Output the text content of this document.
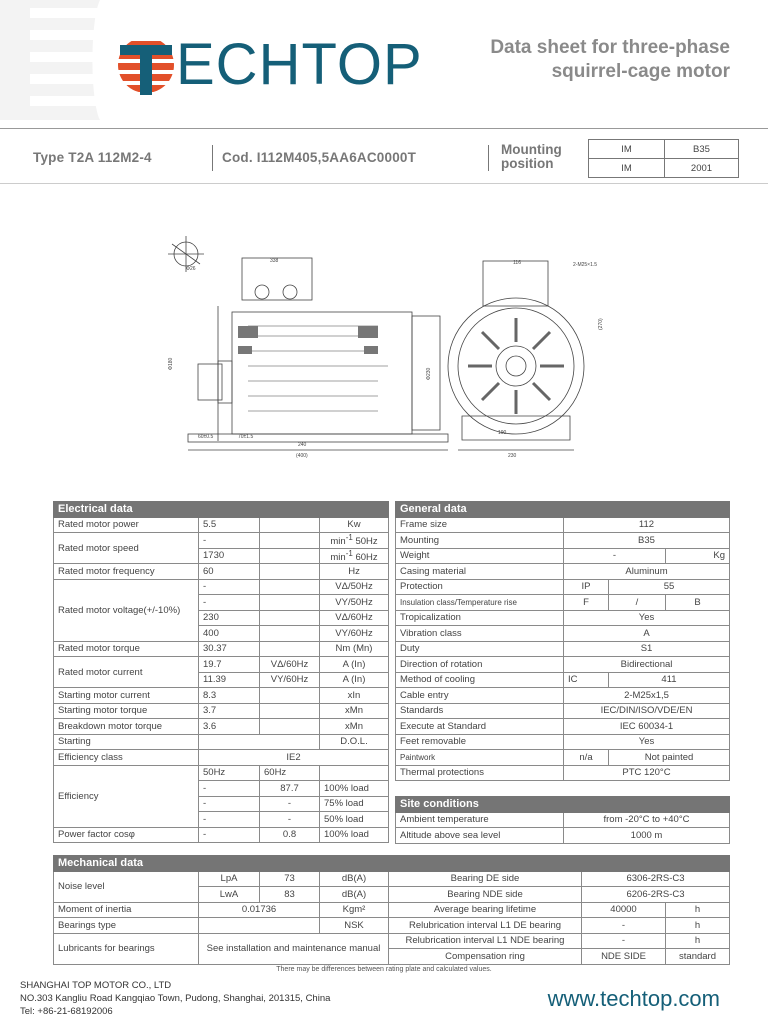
ECHTOP	Data sheet for three-phase
squirrel-cage motor
Type T2A 112M2-4	Cod. I112M405,5AA6AC0000T
Mounting
position
IM	B35
IM	2001
Φ26
338
60±0.5	70±1.5
240
(400)
Φ180
Φ230
116	2-M25×1.5
230
190
(270)
Electrical data			
Rated motor power	5.5		Kw
Rated motor speed	-		$\min^{-1} 50Hz$
	1730		$\min^{-1} 60Hz$
Rated motor frequency	60		Hz
Rated motor voltage(+/-10%)	-		VΔ/50Hz
	-		VY/50Hz
	230		VΔ/60Hz
	400		VY/60Hz
Rated motor torque	30.37		Nm (Mn)
Rated motor current	19.7	VΔ/60Hz	A (In)
	11.39	VY/60Hz	A (In)
Starting motor current	8.3		xIn
Starting motor torque	3.7		xMn
Breakdown motor torque	3.6		xMn
Starting			D.O.L.
Efficiency class	IE2		
Efficiency	50Hz	60Hz	
	-	87.7	100% load
	-	-	75% load
	-	-	50% load
Power factor cosφ	-	0.8	100% load
General data			
Frame size	112		
Mounting	B35		
Weight	-		Kg
Casing material	Aluminum		
Protection	IP	55	
Insulation class/Temperature rise	F	/	B
Tropicalization	Yes		
Vibration class	A		
Duty	S1		
Direction of rotation	Bidirectional		
Method of cooling	IC	411	
Cable entry	2-M25x1,5		
Standards	IEC/DIN/ISO/VDE/EN		
Execute at Standard	IEC 60034-1		
Feet removable	Yes		
Paintwork	n/a	Not painted	
Thermal protections	PTC 120°C		
Site conditions	
Ambient temperature	from -20°C to +40°C
Altitude above sea level	1000 m
Mechanical data						
Noise level	LpA	73	dB(A)	Bearing DE side	6306-2RS-C3	
	LwA	83	dB(A)	Bearing NDE side	6206-2RS-C3	
Moment of inertia	0.01736		Kgm²	Average bearing lifetime	40000	h
Bearings type			NSK	Relubrication interval L1 DE bearing	-	h
Lubricants for bearings	See installation and maintenance manual			Relubrication interval L1 NDE bearing	-	h
				Compensation ring	NDE SIDE	standard
There may be differences between rating plate and calculated values.
SHANGHAI TOP MOTOR CO., LTD
NO.303 Kangliu Road Kangqiao Town, Pudong, Shanghai, 201315, China
Tel: +86-21-68192006
www.techtop.com
